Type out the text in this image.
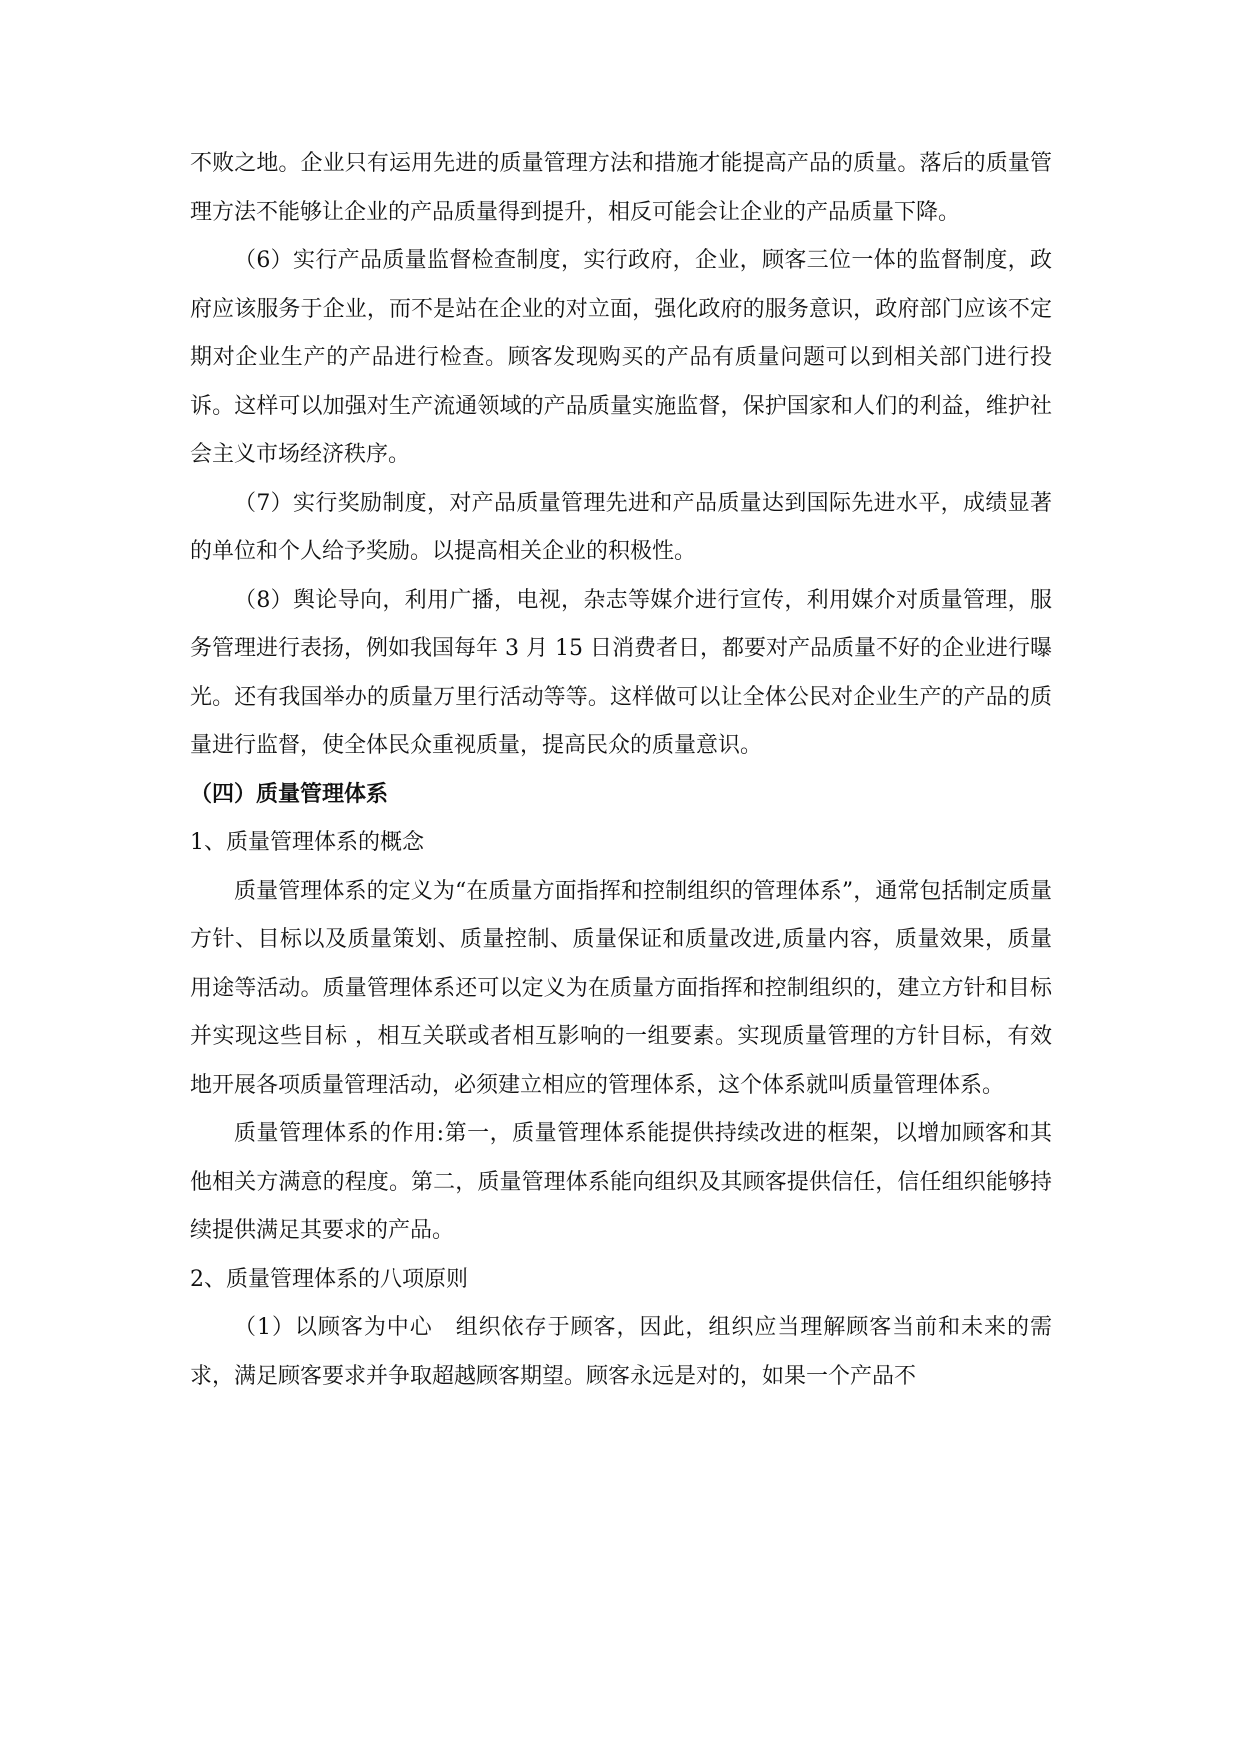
不败之地。企业只有运用先进的质量管理方法和措施才能提高产品的质量。落后的质量管理方法不能够让企业的产品质量得到提升，相反可能会让企业的产品质量下降。

（6）实行产品质量监督检查制度，实行政府，企业，顾客三位一体的监督制度，政府应该服务于企业，而不是站在企业的对立面，强化政府的服务意识，政府部门应该不定期对企业生产的产品进行检查。顾客发现购买的产品有质量问题可以到相关部门进行投诉。这样可以加强对生产流通领域的产品质量实施监督，保护国家和人们的利益，维护社会主义市场经济秩序。

（7）实行奖励制度，对产品质量管理先进和产品质量达到国际先进水平，成绩显著的单位和个人给予奖励。以提高相关企业的积极性。

（8）舆论导向，利用广播，电视，杂志等媒介进行宣传，利用媒介对质量管理，服务管理进行表扬，例如我国每年 3 月 15 日消费者日，都要对产品质量不好的企业进行曝光。还有我国举办的质量万里行活动等等。这样做可以让全体公民对企业生产的产品的质量进行监督，使全体民众重视质量，提高民众的质量意识。

（四）质量管理体系

1、质量管理体系的概念

质量管理体系的定义为“在质量方面指挥和控制组织的管理体系”，通常包括制定质量方针、目标以及质量策划、质量控制、质量保证和质量改进,质量内容，质量效果，质量用途等活动。质量管理体系还可以定义为在质量方面指挥和控制组织的，建立方针和目标并实现这些目标 ，相互关联或者相互影响的一组要素。实现质量管理的方针目标，有效地开展各项质量管理活动，必须建立相应的管理体系，这个体系就叫质量管理体系。

质量管理体系的作用:第一，质量管理体系能提供持续改进的框架，以增加顾客和其他相关方满意的程度。第二，质量管理体系能向组织及其顾客提供信任，信任组织能够持续提供满足其要求的产品。

2、质量管理体系的八项原则

（1）以顾客为中心　组织依存于顾客，因此，组织应当理解顾客当前和未来的需求，满足顾客要求并争取超越顾客期望。顾客永远是对的，如果一个产品不
